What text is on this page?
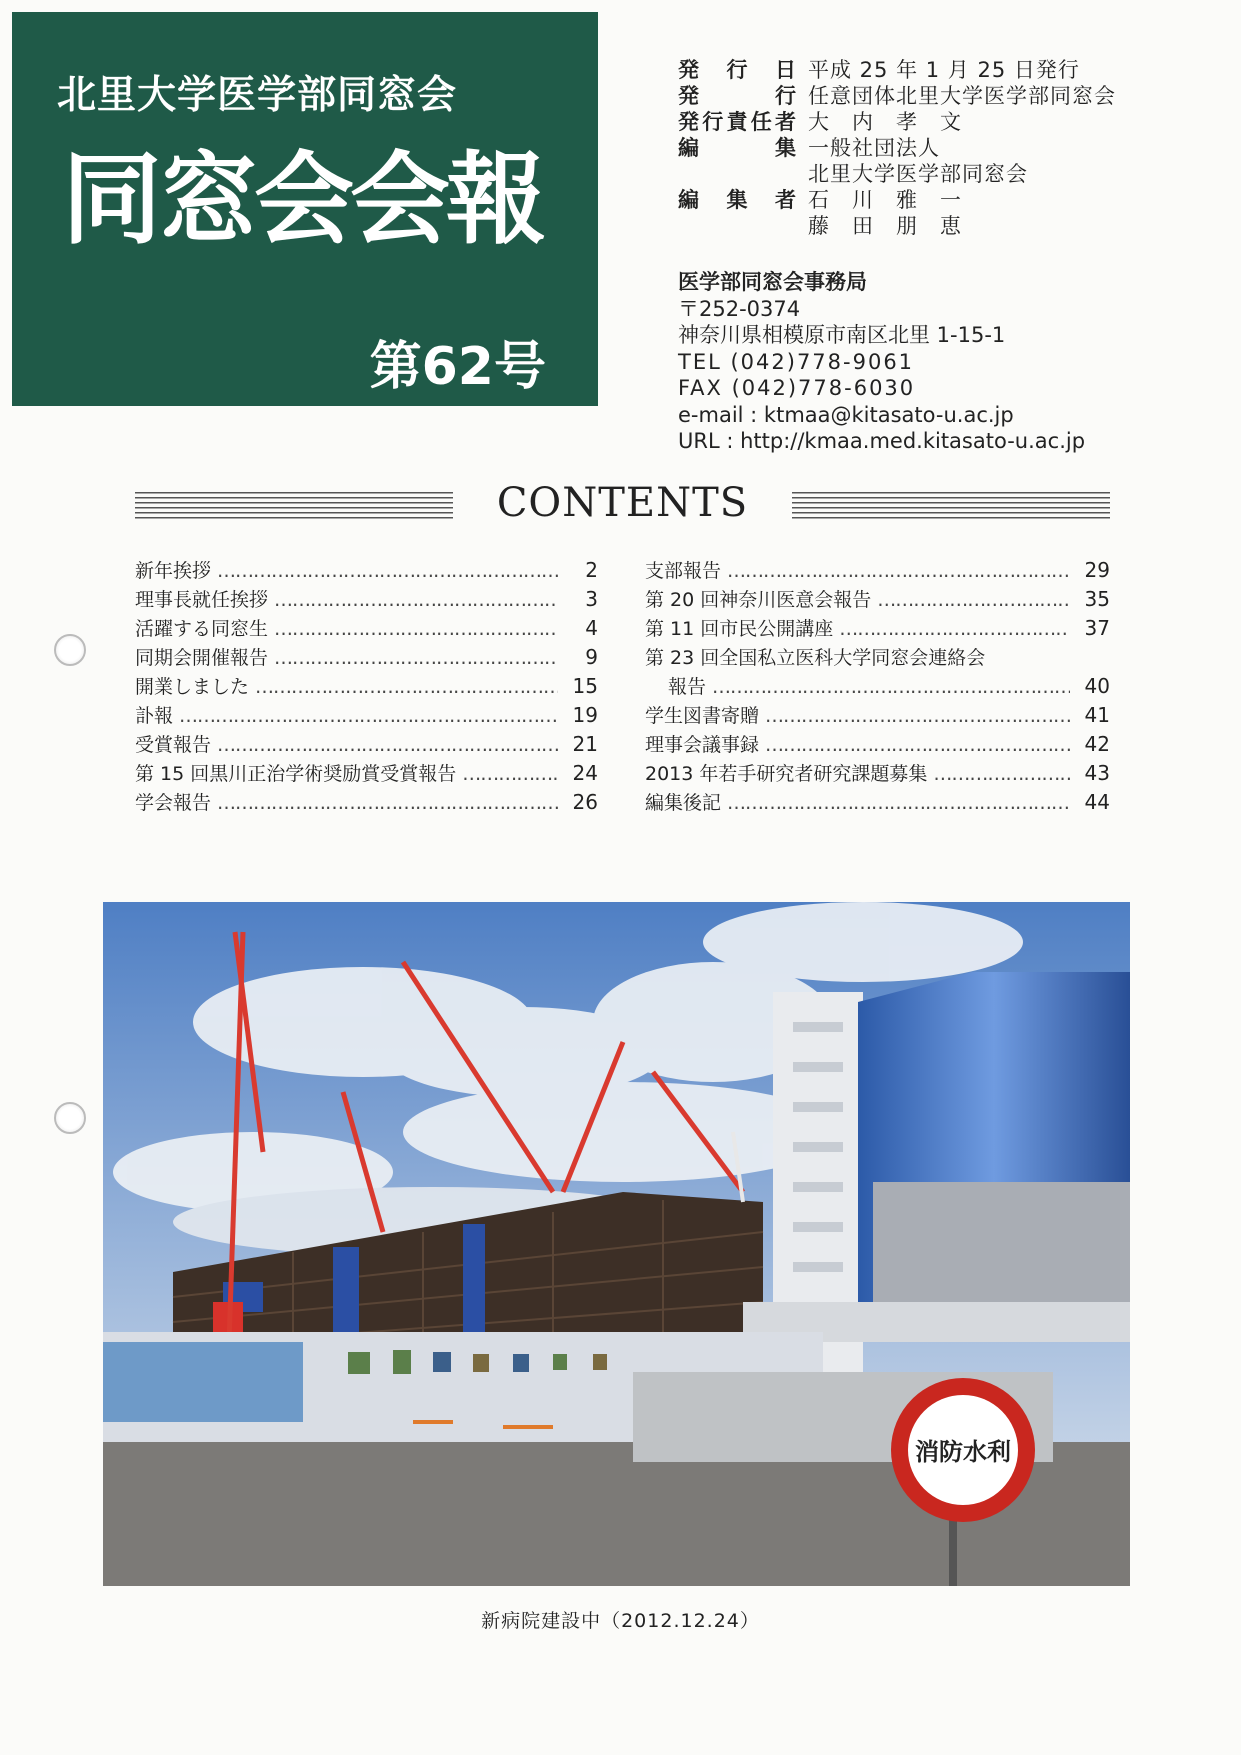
北里大学医学部同窓会
同窓会会報
第62号
発行日 平成 25 年 1 月 25 日発行
発行 任意団体北里大学医学部同窓会
発行責任者 大　内　孝　文
編集 一般社団法人
北里大学医学部同窓会
編集者 石　川　雅　一
藤　田　朋　恵
医学部同窓会事務局
〒252-0374
神奈川県相模原市南区北里 1-15-1
TEL (042)778-9061
FAX (042)778-6030
e-mail : ktmaa@kitasato-u.ac.jp
URL : http://kmaa.med.kitasato-u.ac.jp
CONTENTS
新年挨拶 ……………………………………………………………………………………………………………………………………………	2
理事長就任挨拶 ……………………………………………………………………………………………………………………………………………	3
活躍する同窓生 ……………………………………………………………………………………………………………………………………………	4
同期会開催報告 ……………………………………………………………………………………………………………………………………………	9
開業しました ……………………………………………………………………………………………………………………………………………	15
訃報 ……………………………………………………………………………………………………………………………………………	19
受賞報告 ……………………………………………………………………………………………………………………………………………	21
第 15 回黒川正治学術奨励賞受賞報告 ……………………………………………………………………………………………………………………………………………	24
学会報告 ……………………………………………………………………………………………………………………………………………	26
支部報告 ……………………………………………………………………………………………………………………………………………	29
第 20 回神奈川医意会報告 ……………………………………………………………………………………………………………………………………………	35
第 11 回市民公開講座 ……………………………………………………………………………………………………………………………………………	37
第 23 回全国私立医科大学同窓会連絡会
報告 ……………………………………………………………………………………………………………………………………………	40
学生図書寄贈 ……………………………………………………………………………………………………………………………………………	41
理事会議事録 ……………………………………………………………………………………………………………………………………………	42
2013 年若手研究者研究課題募集 ……………………………………………………………………………………………………………………………………………	43
編集後記 ……………………………………………………………………………………………………………………………………………	44
消防水利
新病院建設中（2012.12.24）
